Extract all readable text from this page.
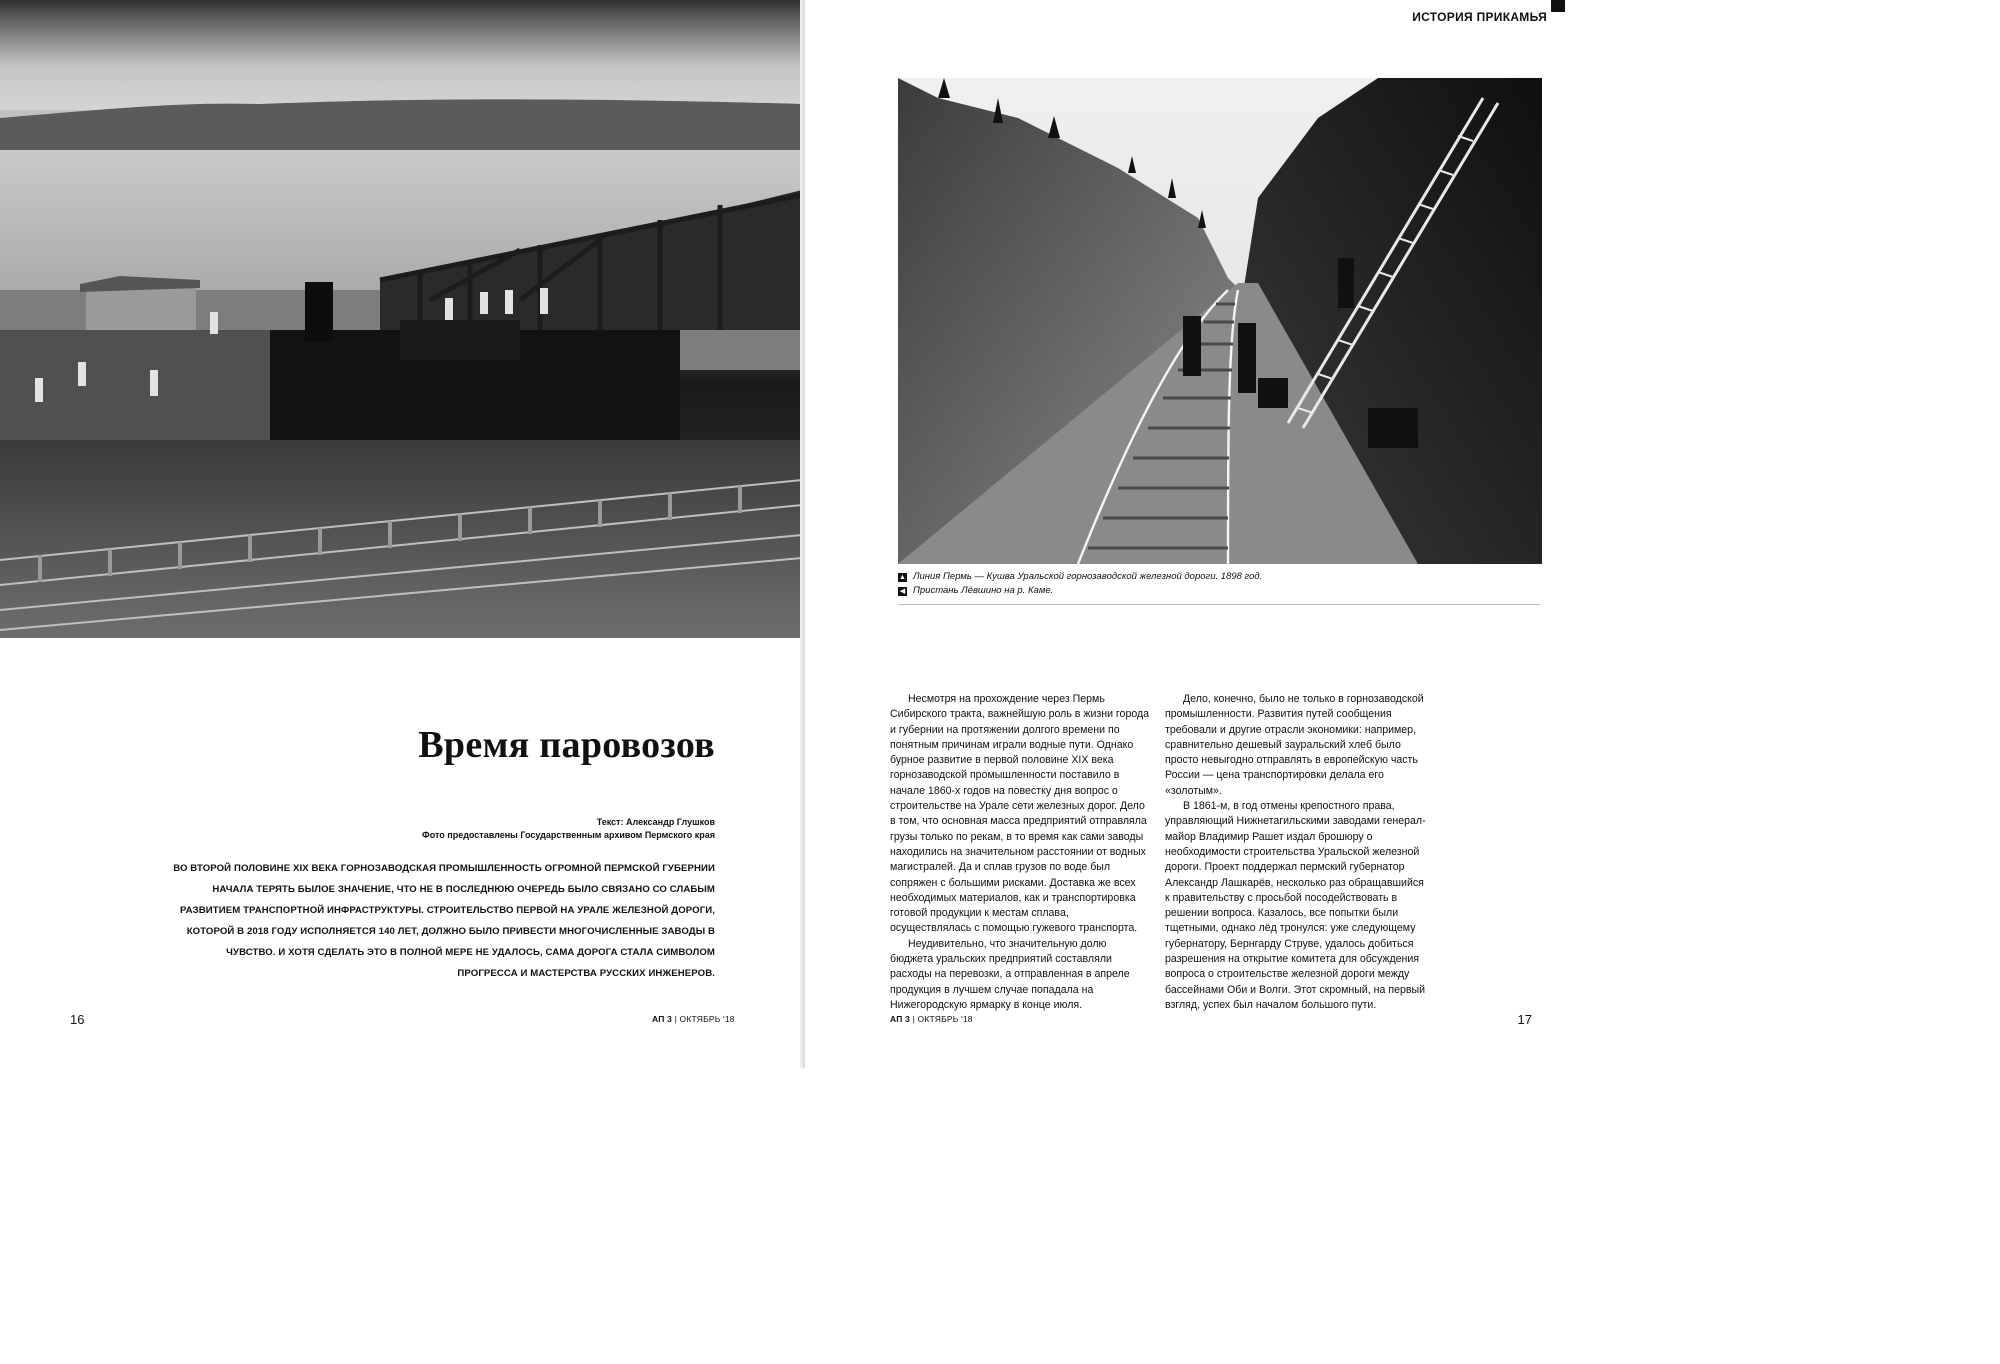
Время паровозов
Текст: Александр Глушков
Фото предоставлены Государственным архивом Пермского края

ВО ВТОРОЙ ПОЛОВИНЕ XIX ВЕКА ГОРНОЗАВОДСКАЯ ПРОМЫШЛЕННОСТЬ ОГРОМНОЙ ПЕРМСКОЙ ГУБЕРНИИ НАЧАЛА ТЕРЯТЬ БЫЛОЕ ЗНАЧЕНИЕ, ЧТО НЕ В ПОСЛЕДНЮЮ ОЧЕРЕДЬ БЫЛО СВЯЗАНО СО СЛАБЫМ РАЗВИТИЕМ ТРАНСПОРТНОЙ ИНФРАСТРУКТУРЫ. СТРОИТЕЛЬСТВО ПЕРВОЙ НА УРАЛЕ ЖЕЛЕЗНОЙ ДОРОГИ, КОТОРОЙ В 2018 ГОДУ ИСПОЛНЯЕТСЯ 140 ЛЕТ, ДОЛЖНО БЫЛО ПРИВЕСТИ МНОГОЧИСЛЕННЫЕ ЗАВОДЫ В ЧУВСТВО. И ХОТЯ СДЕЛАТЬ ЭТО В ПОЛНОЙ МЕРЕ НЕ УДАЛОСЬ, САМА ДОРОГА СТАЛА СИМВОЛОМ ПРОГРЕССА И МАСТЕРСТВА РУССКИХ ИНЖЕНЕРОВ.

16	АП 3 | ОКТЯБРЬ '18
ИСТОРИЯ ПРИКАМЬЯ
▲ Линия Пермь — Кушва Уральской горнозаводской железной дороги. 1898 год.
◀ Пристань Лёвшино на р. Каме.

Несмотря на прохождение через Пермь Сибирского тракта, важнейшую роль в жизни города и губернии на протяжении долгого времени по понятным причинам играли водные пути. Однако бурное развитие в первой половине XIX века горнозаводской промышленности поставило в начале 1860-х годов на повестку дня вопрос о строительстве на Урале сети железных дорог. Дело в том, что основная масса предприятий отправляла грузы только по рекам, в то время как сами заводы находились на значительном расстоянии от водных магистралей. Да и сплав грузов по воде был сопряжен с большими рисками. Доставка же всех необходимых материалов, как и транспортировка готовой продукции к местам сплава, осуществлялась с помощью гужевого транспорта.

Неудивительно, что значительную долю бюджета уральских предприятий составляли расходы на перевозки, а отправленная в апреле продукция в лучшем случае попадала на Нижегородскую ярмарку в конце июля.

Дело, конечно, было не только в горнозаводской промышленности. Развития путей сообщения требовали и другие отрасли экономики: например, сравнительно дешевый зауральский хлеб было просто невыгодно отправлять в европейскую часть России — цена транспортировки делала его «золотым».

В 1861-м, в год отмены крепостного права, управляющий Нижнетагильскими заводами генерал-майор Владимир Рашет издал брошюру о необходимости строительства Уральской железной дороги. Проект поддержал пермский губернатор Александр Лашкарёв, несколько раз обращавшийся к правительству с просьбой посодействовать в решении вопроса. Казалось, все попытки были тщетными, однако лёд тронулся: уже следующему губернатору, Бернгарду Струве, удалось добиться разрешения на открытие комитета для обсуждения вопроса о строительстве железной дороги между бассейнами Оби и Волги. Этот скромный, на первый взгляд, успех был началом большого пути.

АП 3 | ОКТЯБРЬ '18	17
